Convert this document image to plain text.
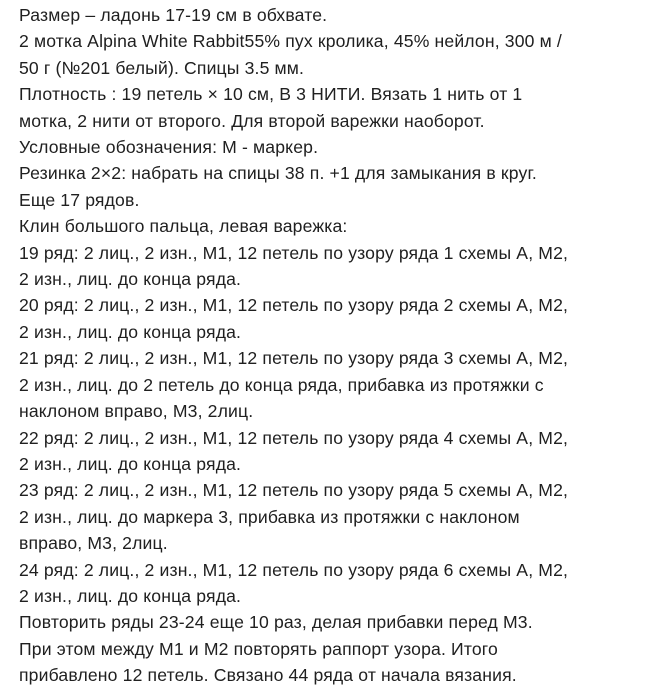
Размер – ладонь 17-19 см в обхвате.
2 мотка Alpina White Rabbit55% пух кролика, 45% нейлон, 300 м /
50 г (№201 белый). Спицы 3.5 мм.
Плотность : 19 петель × 10 см, В 3 НИТИ. Вязать 1 нить от 1
мотка, 2 нити от второго. Для второй варежки наоборот.
Условные обозначения: М - маркер.
Резинка 2×2: набрать на спицы 38 п. +1 для замыкания в круг.
Еще 17 рядов.
Клин большого пальца, левая варежка:
19 ряд: 2 лиц., 2 изн., М1, 12 петель по узору ряда 1 схемы А, М2,
2 изн., лиц. до конца ряда.
20 ряд: 2 лиц., 2 изн., М1, 12 петель по узору ряда 2 схемы А, М2,
2 изн., лиц. до конца ряда.
21 ряд: 2 лиц., 2 изн., М1, 12 петель по узору ряда 3 схемы А, М2,
2 изн., лиц. до 2 петель до конца ряда, прибавка из протяжки с
наклоном вправо, М3, 2лиц.
22 ряд: 2 лиц., 2 изн., М1, 12 петель по узору ряда 4 схемы А, М2,
2 изн., лиц. до конца ряда.
23 ряд: 2 лиц., 2 изн., М1, 12 петель по узору ряда 5 схемы А, М2,
2 изн., лиц. до маркера 3, прибавка из протяжки с наклоном
вправо, М3, 2лиц.
24 ряд: 2 лиц., 2 изн., М1, 12 петель по узору ряда 6 схемы А, М2,
2 изн., лиц. до конца ряда.
Повторить ряды 23-24 еще 10 раз, делая прибавки перед М3.
При этом между М1 и М2 повторять раппорт узора. Итого
прибавлено 12 петель. Связано 44 ряда от начала вязания.
